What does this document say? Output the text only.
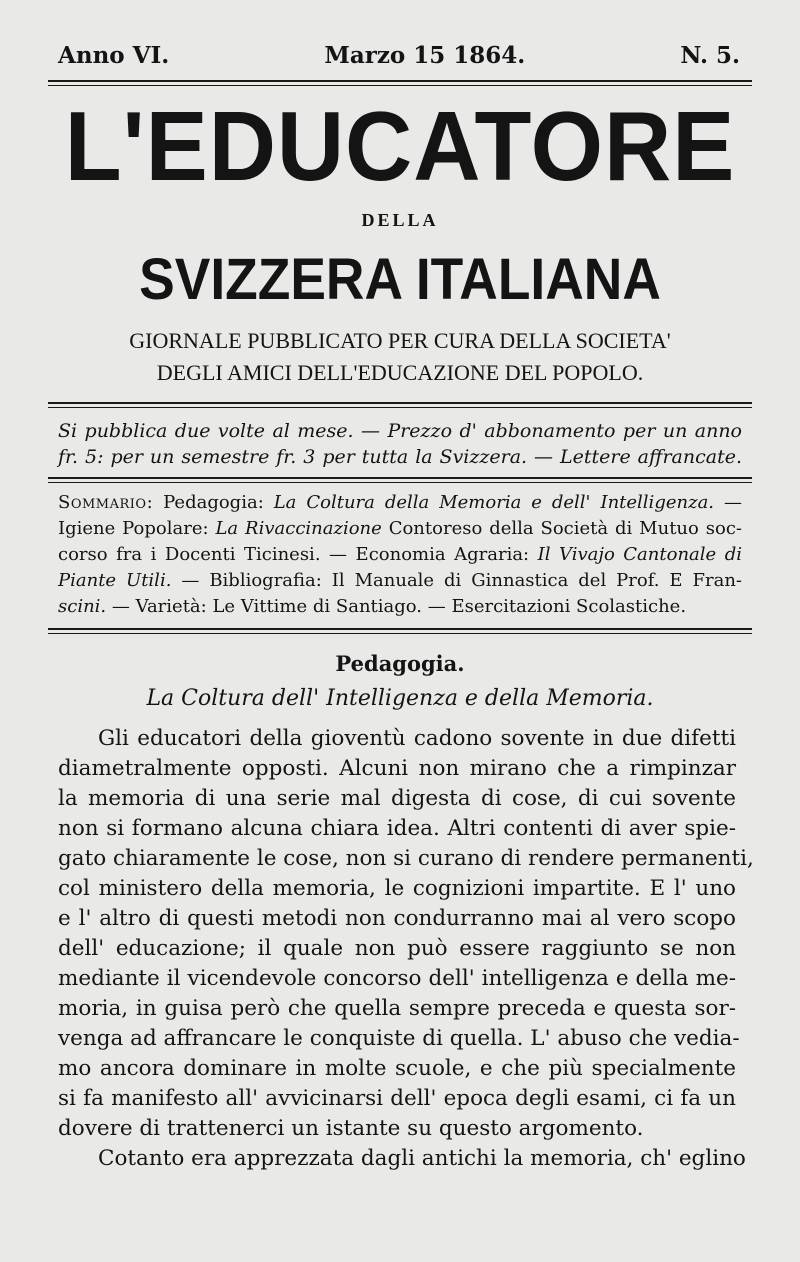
Anno VI.	Marzo 15 1864.	N. 5.
L'EDUCATORE
DELLA
SVIZZERA ITALIANA
GIORNALE PUBBLICATO PER CURA DELLA SOCIETA'
DEGLI AMICI DELL'EDUCAZIONE DEL POPOLO.
Si pubblica due volte al mese. — Prezzo d' abbonamento per un anno
fr. 5: per un semestre fr. 3 per tutta la Svizzera. — Lettere affrancate.
Sommario: Pedagogia: La Coltura della Memoria e dell' Intelligenza. —
Igiene Popolare: La Rivaccinazione Contoreso della Società di Mutuo soc-
corso fra i Docenti Ticinesi. — Economia Agraria: Il Vivajo Cantonale di
Piante Utili. — Bibliografia: Il Manuale di Ginnastica del Prof. E Fran-
scini. — Varietà: Le Vittime di Santiago. — Esercitazioni Scolastiche.
Pedagogia.
La Coltura dell' Intelligenza e della Memoria.
Gli educatori della gioventù cadono sovente in due difetti
diametralmente opposti. Alcuni non mirano che a rimpinzar
la memoria di una serie mal digesta di cose, di cui sovente
non si formano alcuna chiara idea. Altri contenti di aver spie-
gato chiaramente le cose, non si curano di rendere permanenti,
col ministero della memoria, le cognizioni impartite. E l' uno
e l' altro di questi metodi non condurranno mai al vero scopo
dell' educazione; il quale non può essere raggiunto se non
mediante il vicendevole concorso dell' intelligenza e della me-
moria, in guisa però che quella sempre preceda e questa sor-
venga ad affrancare le conquiste di quella. L' abuso che vedia-
mo ancora dominare in molte scuole, e che più specialmente
si fa manifesto all' avvicinarsi dell' epoca degli esami, ci fa un
dovere di trattenerci un istante su questo argomento.
Cotanto era apprezzata dagli antichi la memoria, ch' eglino
